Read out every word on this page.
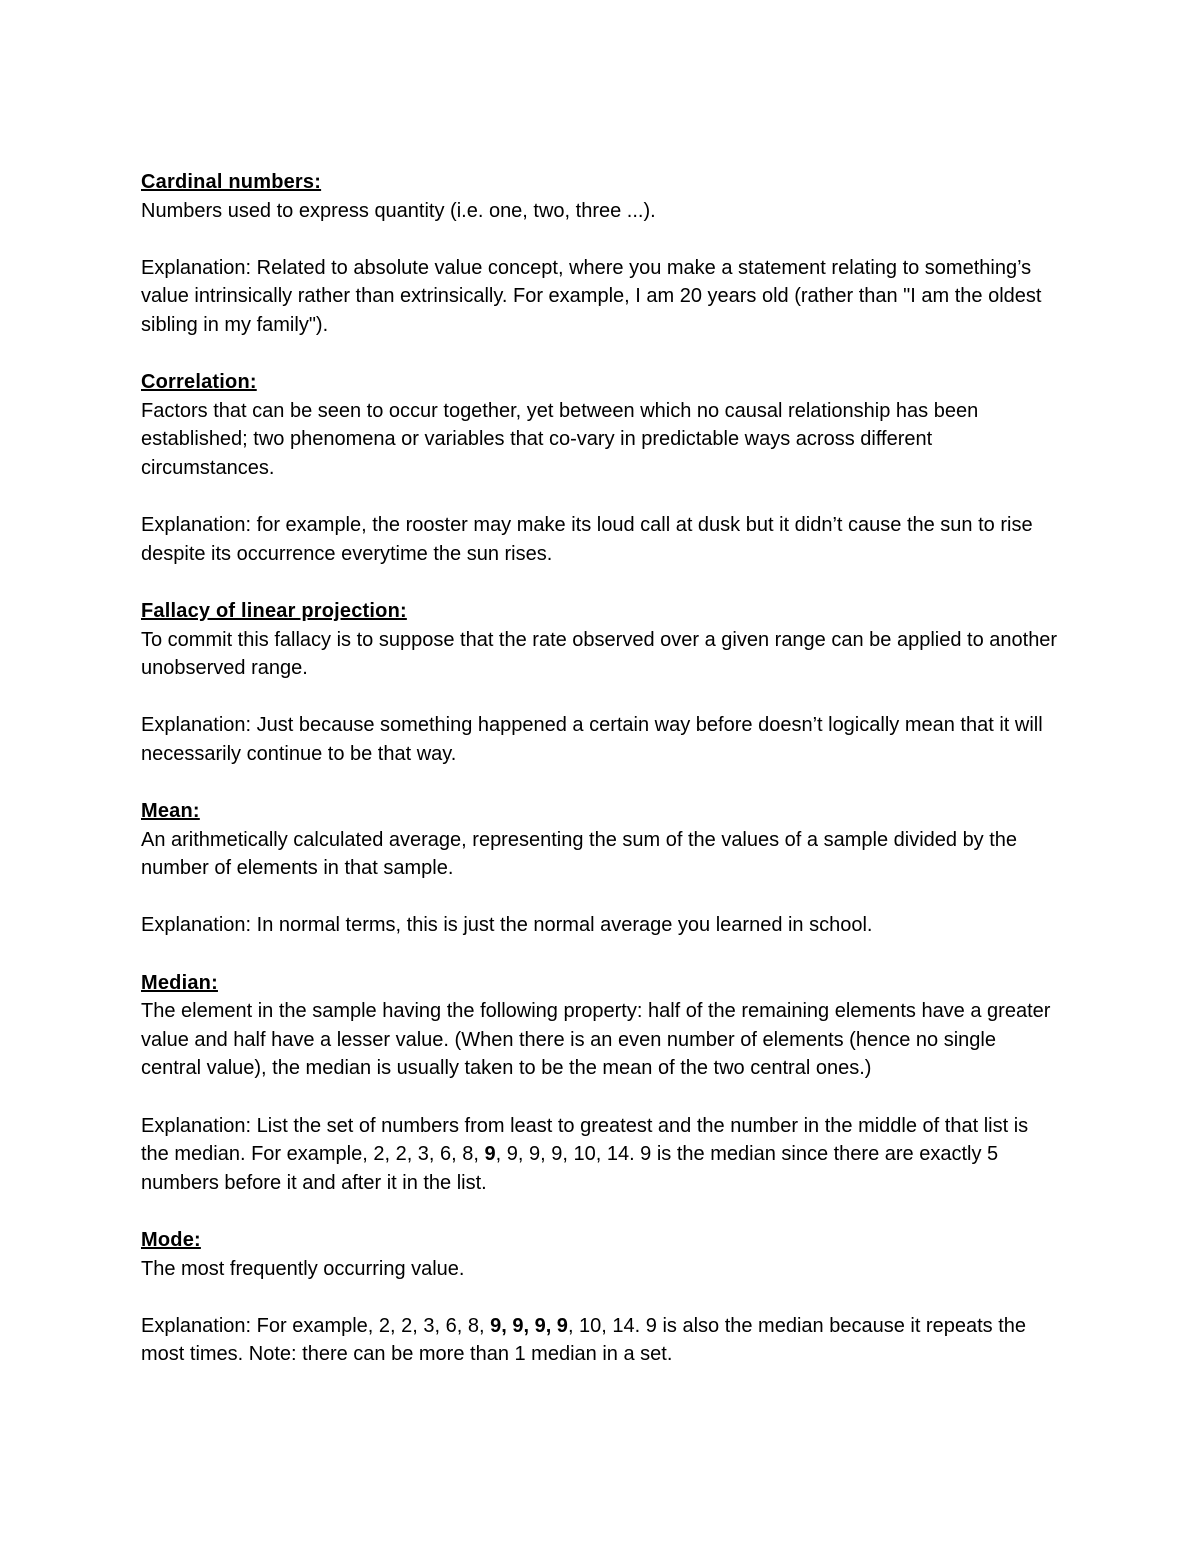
Cardinal numbers:

Numbers used to express quantity (i.e. one, two, three ...).

Explanation: Related to absolute value concept, where you make a statement relating to something’s value intrinsically rather than extrinsically. For example, I am 20 years old (rather than "I am the oldest sibling in my family").

Correlation:

Factors that can be seen to occur together, yet between which no causal relationship has been established; two phenomena or variables that co-vary in predictable ways across different circumstances.

Explanation: for example, the rooster may make its loud call at dusk but it didn’t cause the sun to rise despite its occurrence everytime the sun rises.

Fallacy of linear projection:

To commit this fallacy is to suppose that the rate observed over a given range can be applied to another unobserved range.

Explanation: Just because something happened a certain way before doesn’t logically mean that it will necessarily continue to be that way.

Mean:

An arithmetically calculated average, representing the sum of the values of a sample divided by the number of elements in that sample.

Explanation: In normal terms, this is just the normal average you learned in school.

Median:

The element in the sample having the following property: half of the remaining elements have a greater value and half have a lesser value. (When there is an even number of elements (hence no single central value), the median is usually taken to be the mean of the two central ones.)

Explanation: List the set of numbers from least to greatest and the number in the middle of that list is the median. For example, 2, 2, 3, 6, 8, 9, 9, 9, 9, 10, 14. 9 is the median since there are exactly 5 numbers before it and after it in the list.

Mode:

The most frequently occurring value.

Explanation: For example, 2, 2, 3, 6, 8, 9, 9, 9, 9, 10, 14. 9 is also the median because it repeats the most times. Note: there can be more than 1 median in a set.
